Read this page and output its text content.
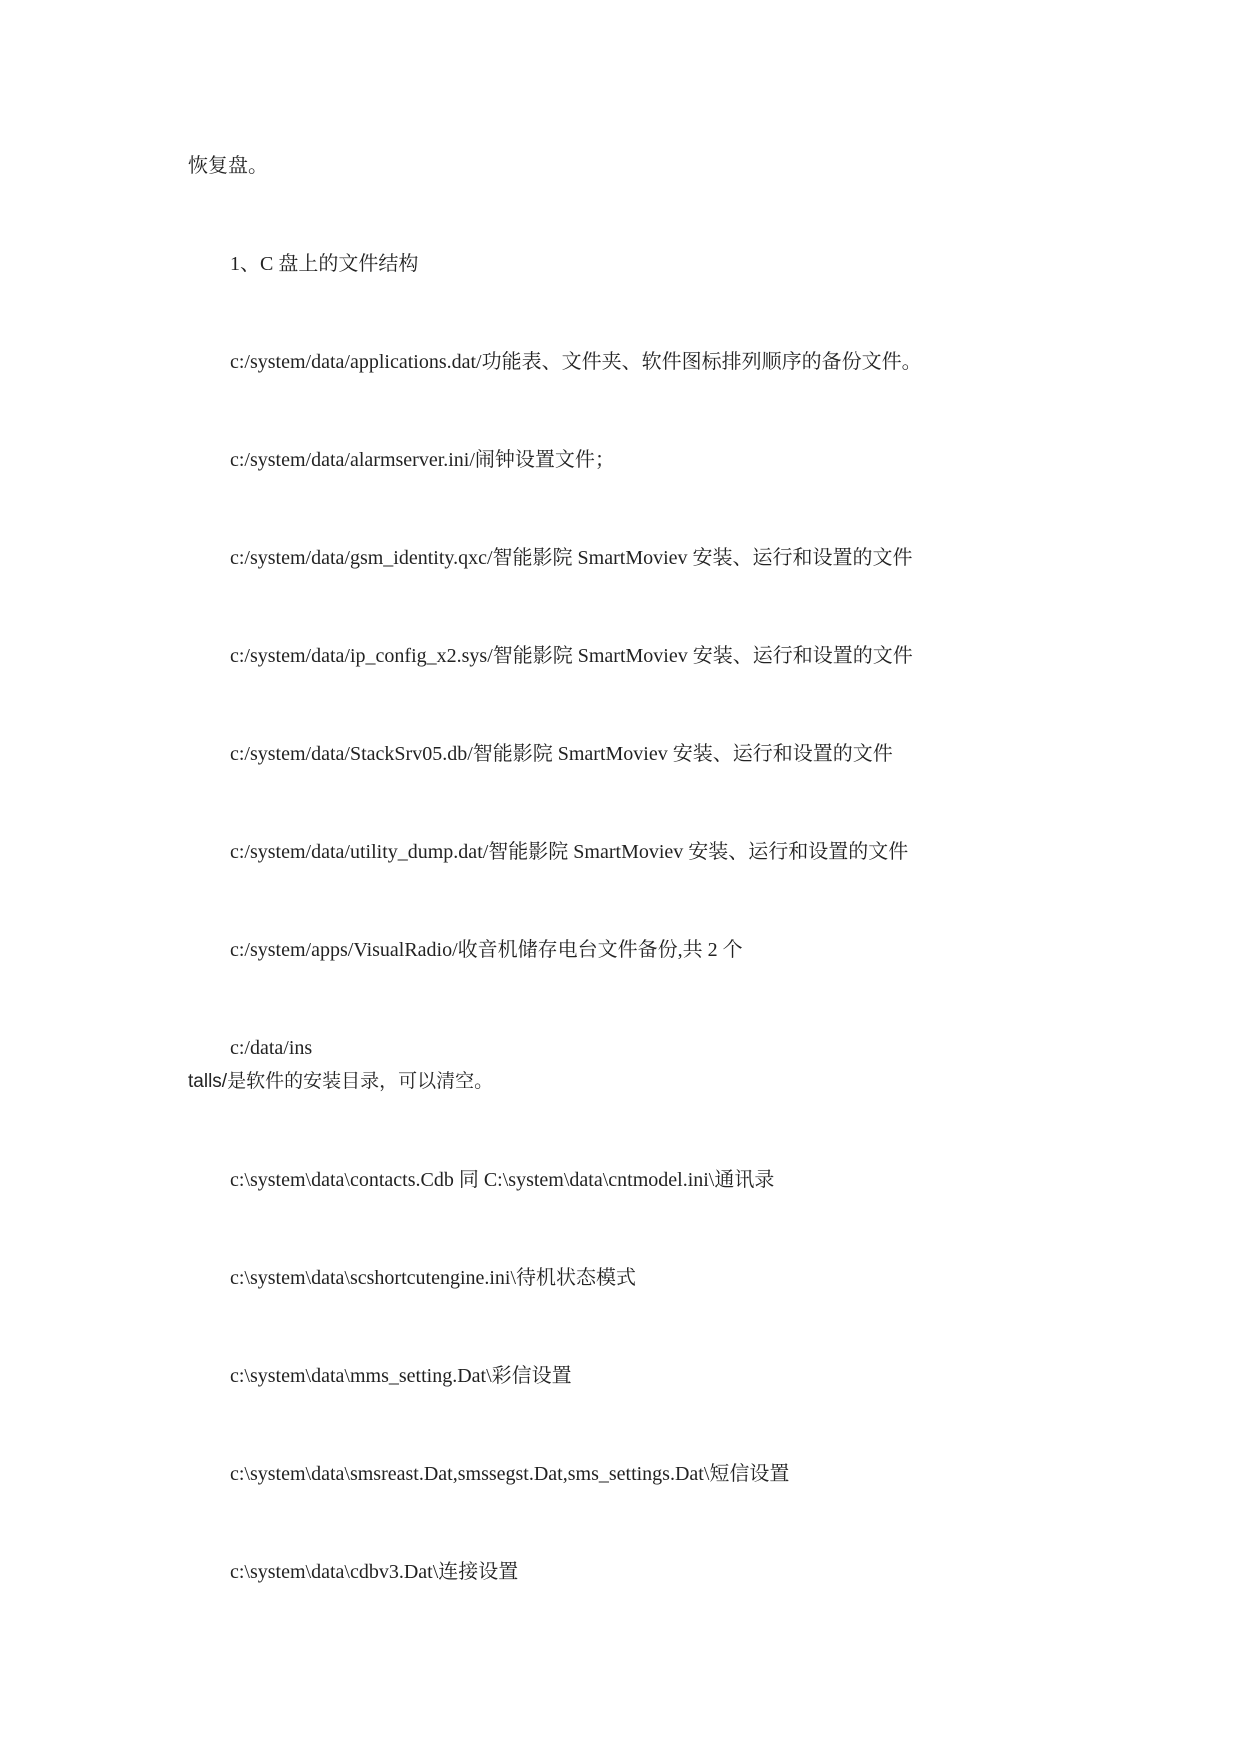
恢复盘。

1、C 盘上的文件结构

c:/system/data/applications.dat/功能表、文件夹、软件图标排列顺序的备份文件。

c:/system/data/alarmserver.ini/闹钟设置文件；

c:/system/data/gsm_identity.qxc/智能影院 SmartMoviev 安装、运行和设置的文件

c:/system/data/ip_config_x2.sys/智能影院 SmartMoviev 安装、运行和设置的文件

c:/system/data/StackSrv05.db/智能影院 SmartMoviev 安装、运行和设置的文件

c:/system/data/utility_dump.dat/智能影院 SmartMoviev 安装、运行和设置的文件

c:/system/apps/VisualRadio/收音机储存电台文件备份,共 2 个

c:/data/ins

talls/是软件的安装目录，可以清空。

c:\system\data\contacts.Cdb 同 C:\system\data\cntmodel.ini\通讯录

c:\system\data\scshortcutengine.ini\待机状态模式

c:\system\data\mms_setting.Dat\彩信设置

c:\system\data\smsreast.Dat,smssegst.Dat,sms_settings.Dat\短信设置

c:\system\data\cdbv3.Dat\连接设置
